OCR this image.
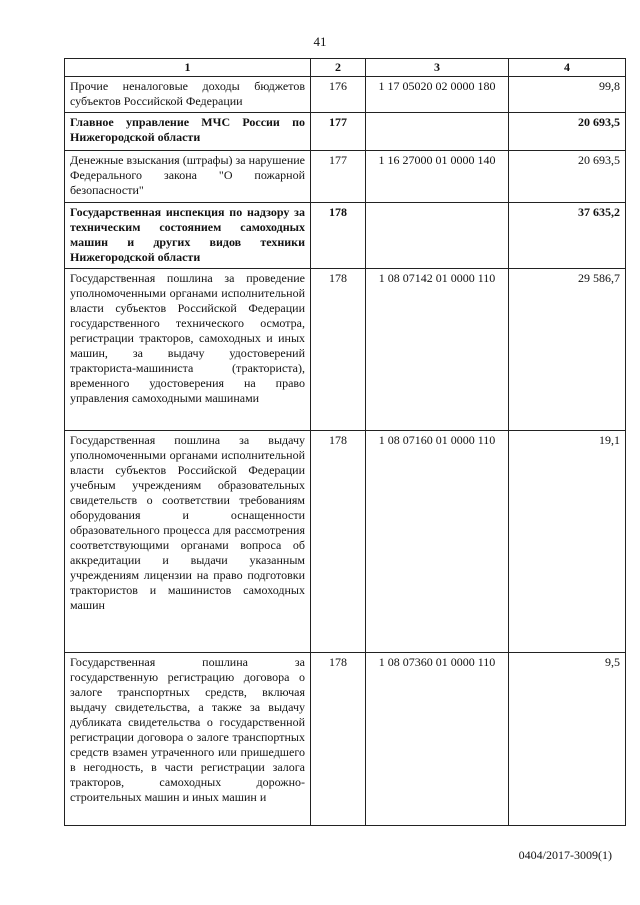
41
1	2	3	4
Прочие неналоговые доходы бюджетов субъектов Российской Федерации	176	1 17 05020 02 0000 180	99,8
Главное управление МЧС России по Нижегородской области	177		20 693,5
Денежные взыскания (штрафы) за нарушение Федерального закона "О пожарной безопасности"	177	1 16 27000 01 0000 140	20 693,5
Государственная инспекция по надзору за техническим состоянием самоходных машин и других видов техники Нижегородской области	178		37 635,2
Государственная пошлина за проведение уполномоченными органами исполнительной власти субъектов Российской Федерации государственного технического осмотра, регистрации тракторов, самоходных и иных машин, за выдачу удостоверений тракториста-машиниста (тракториста), временного удостоверения на право управления самоходными машинами	178	1 08 07142 01 0000 110	29 586,7
Государственная пошлина за выдачу уполномоченными органами исполнительной власти субъектов Российской Федерации учебным учреждениям образовательных свидетельств о соответствии требованиям оборудования и оснащенности образовательного процесса для рассмотрения соответствующими органами вопроса об аккредитации и выдачи указанным учреждениям лицензии на право подготовки трактористов и машинистов самоходных машин	178	1 08 07160 01 0000 110	19,1
Государственная пошлина за государственную регистрацию договора о залоге транспортных средств, включая выдачу свидетельства, а также за выдачу дубликата свидетельства о государственной регистрации договора о залоге транспортных средств взамен утраченного или пришедшего в негодность, в части регистрации залога тракторов, самоходных дорожно-строительных машин и иных машин и	178	1 08 07360 01 0000 110	9,5
0404/2017-3009(1)
